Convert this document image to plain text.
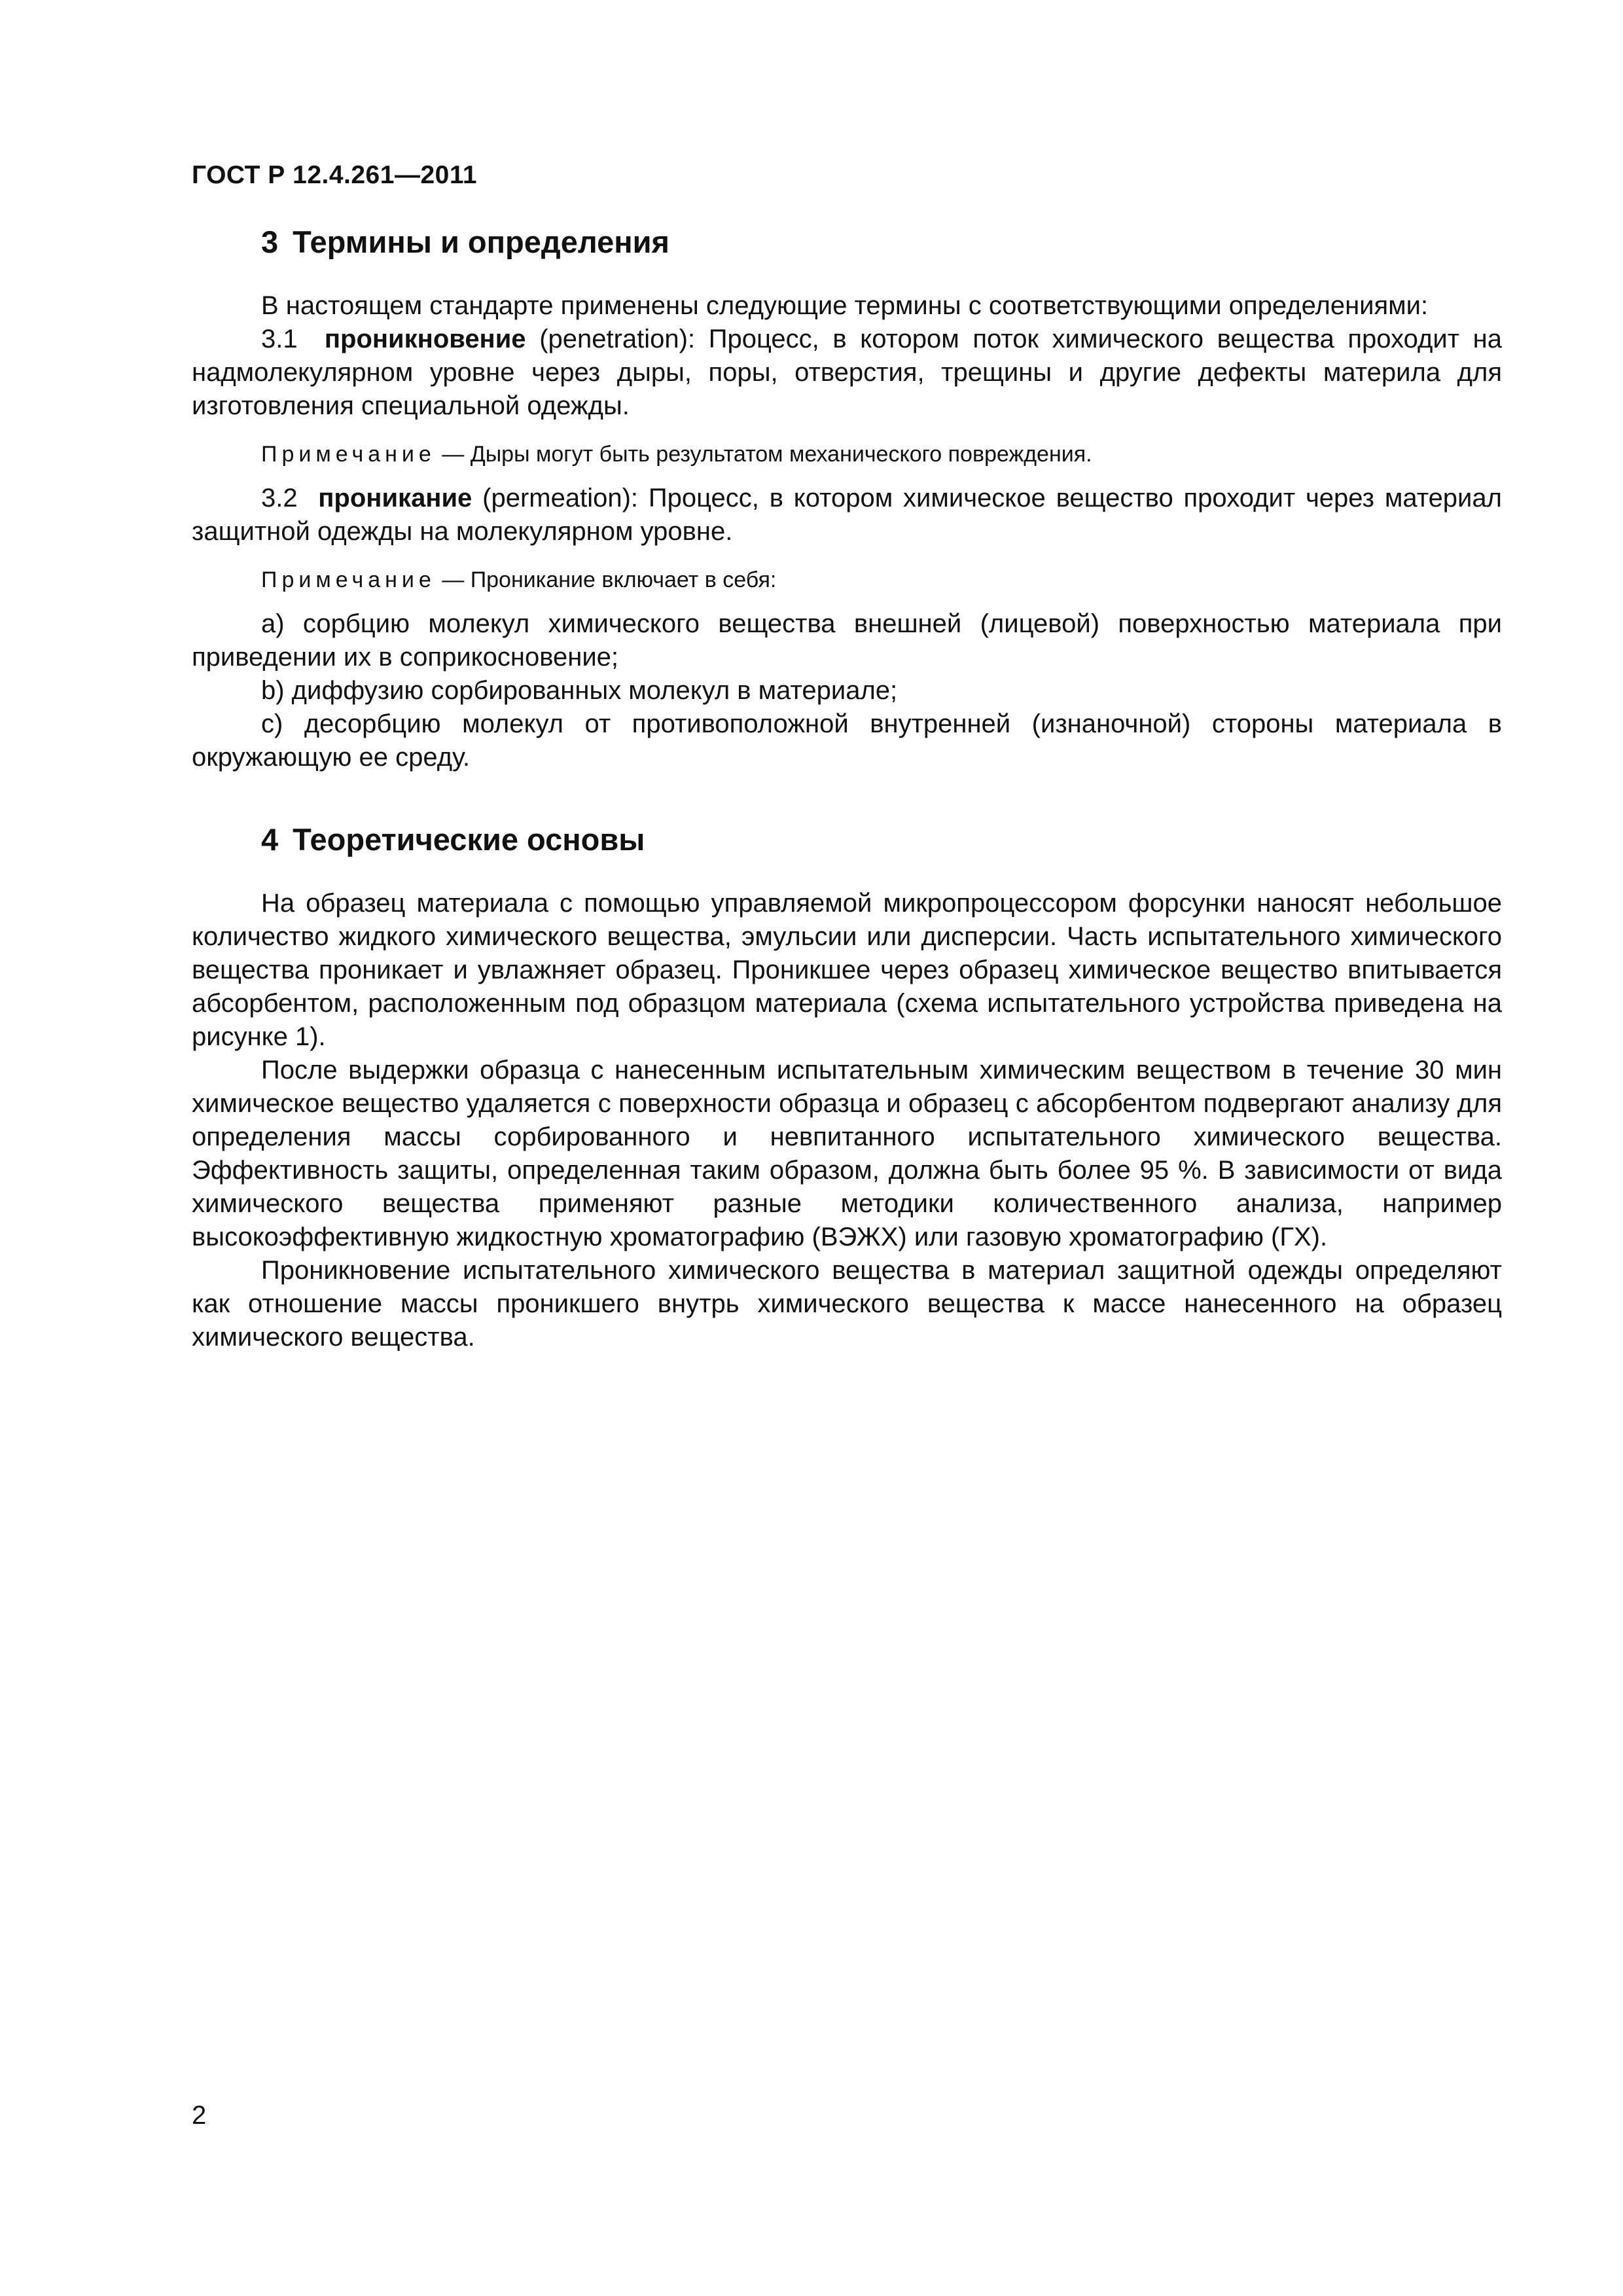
ГОСТ Р 12.4.261—2011
3 Термины и определения

В настоящем стандарте применены следующие термины с соответствующими определениями:

3.1 проникновение (penetration): Процесс, в котором поток химического вещества проходит на надмолекулярном уровне через дыры, поры, отверстия, трещины и другие дефекты материла для изготовления специальной одежды.

Примечание — Дыры могут быть результатом механического повреждения.

3.2 проникание (permeation): Процесс, в котором химическое вещество проходит через материал защитной одежды на молекулярном уровне.

Примечание — Проникание включает в себя:

а) сорбцию молекул химического вещества внешней (лицевой) поверхностью материала при приведении их в соприкосновение;

b) диффузию сорбированных молекул в материале;

с) десорбцию молекул от противоположной внутренней (изнаночной) стороны материала в окружающую ее среду.

4 Теоретические основы

На образец материала с помощью управляемой микропроцессором форсунки наносят небольшое количество жидкого химического вещества, эмульсии или дисперсии. Часть испытательного химического вещества проникает и увлажняет образец. Проникшее через образец химическое вещество впитывается абсорбентом, расположенным под образцом материала (схема испытательного устройства приведена на рисунке 1).

После выдержки образца с нанесенным испытательным химическим веществом в течение 30 мин химическое вещество удаляется с поверхности образца и образец с абсорбентом подвергают анализу для определения массы сорбированного и невпитанного испытательного химического вещества. Эффективность защиты, определенная таким образом, должна быть более 95 %. В зависимости от вида химического вещества применяют разные методики количественного анализа, например высокоэффективную жидкостную хроматографию (ВЭЖХ) или газовую хроматографию (ГХ).

Проникновение испытательного химического вещества в материал защитной одежды определяют как отношение массы проникшего внутрь химического вещества к массе нанесенного на образец химического вещества.

2
